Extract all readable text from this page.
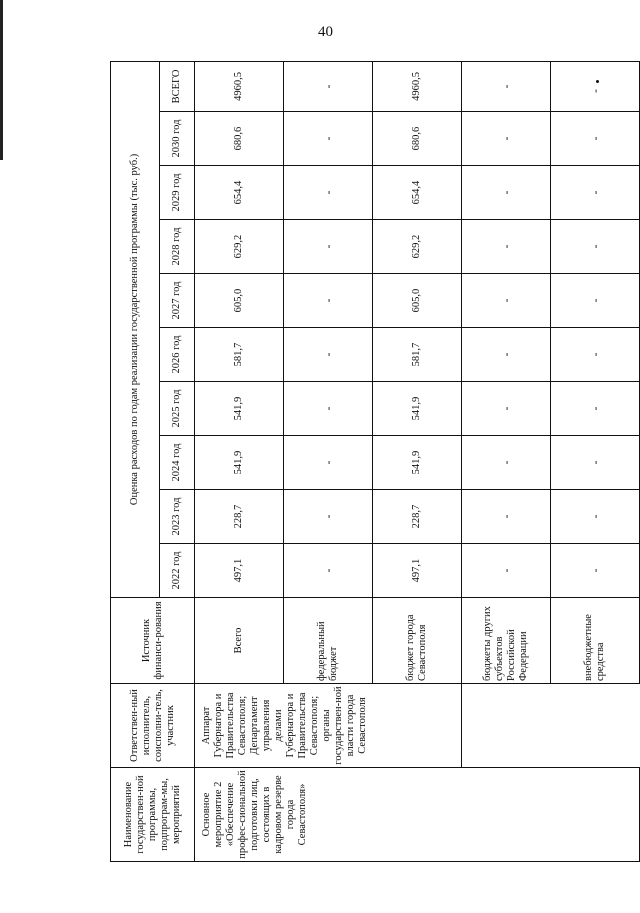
40
Наименование государствен-ной программы, подпрограм-мы, мероприятий	Ответствен-ный исполнитель, соисполни-тель, участник	Источник финанси-рования	Оценка расходов по годам реализации государственной программы (тыс. руб.)									
			2022 год	2023 год	2024 год	2025 год	2026 год	2027 год	2028 год	2029 год	2030 год	ВСЕГО
Основное мероприятие 2 «Обеспечение профес-сиональной подготовки лиц, состоящих в кадровом резерве города Севастополя»	Аппарат Губернатора и Правительства Севастополя; Департамент управления делами Губернатора и Правительства Севастополя; органы государствен-ной власти города Севастополя	Всего	497,1	228,7	541,9	541,9	581,7	605,0	629,2	654,4	680,6	4960,5
		федеральный бюджет	-	-	-	-	-	-	-	-	-	-
		бюджет города Севастополя	497,1	228,7	541,9	541,9	581,7	605,0	629,2	654,4	680,6	4960,5
		бюджеты других субъектов Российской Федерации	-	-	-	-	-	-	-	-	-	-
		внебюджетные средства	-	-	-	-	-	-	-	-	-	-
